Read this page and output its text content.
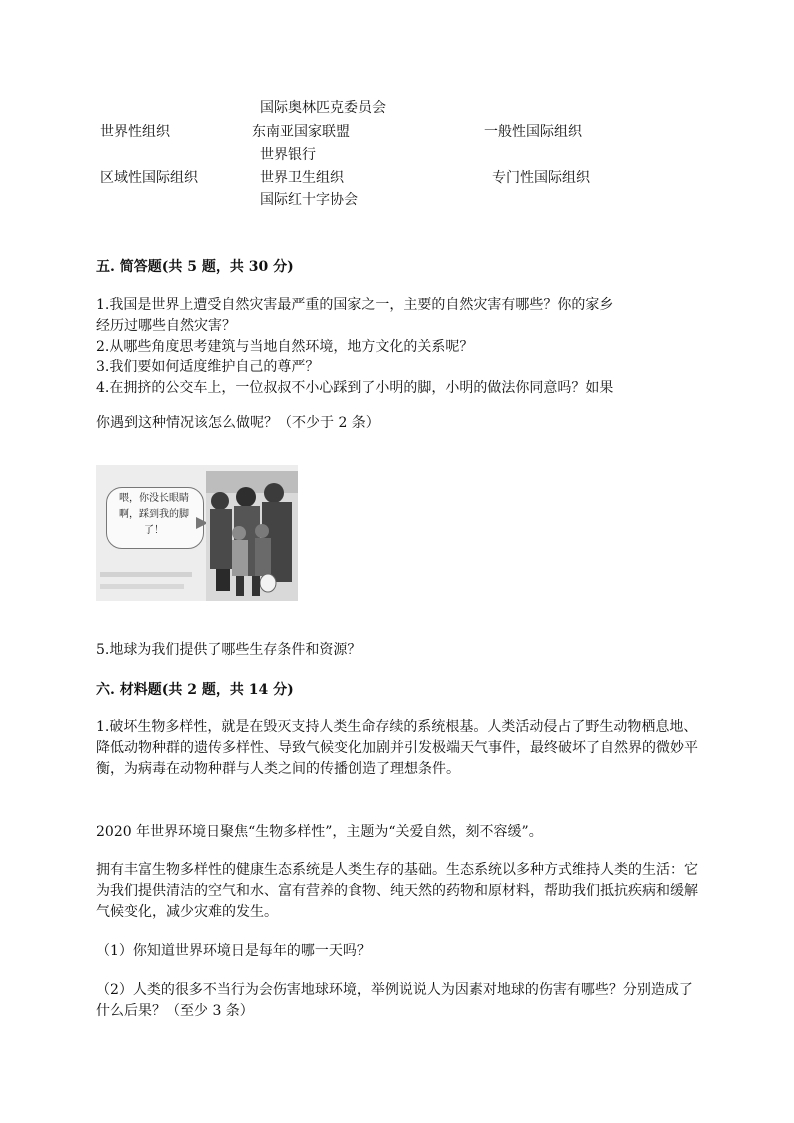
国际奥林匹克委员会
世界性组织	东南亚国家联盟	一般性国际组织
世界银行
区域性国际组织	世界卫生组织	专门性国际组织
国际红十字协会
五. 简答题(共 5 题，共 30 分)
1.我国是世界上遭受自然灾害最严重的国家之一，主要的自然灾害有哪些？你的家乡
经历过哪些自然灾害？
2.从哪些角度思考建筑与当地自然环境，地方文化的关系呢？
3.我们要如何适度维护自己的尊严？
4.在拥挤的公交车上，一位叔叔不小心踩到了小明的脚，小明的做法你同意吗？如果
你遇到这种情况该怎么做呢？（不少于 2 条）
喂，你没长眼睛啊，踩到我的脚了！
5.地球为我们提供了哪些生存条件和资源？
六. 材料题(共 2 题，共 14 分)
1.破坏生物多样性，就是在毁灭支持人类生命存续的系统根基。人类活动侵占了野生动物栖息地、降低动物种群的遗传多样性、导致气候变化加剧并引发极端天气事件，最终破坏了自然界的微妙平衡，为病毒在动物种群与人类之间的传播创造了理想条件。
2020 年世界环境日聚焦“生物多样性”，主题为“关爱自然，刻不容缓”。
拥有丰富生物多样性的健康生态系统是人类生存的基础。生态系统以多种方式维持人类的生活：它为我们提供清洁的空气和水、富有营养的食物、纯天然的药物和原材料，帮助我们抵抗疾病和缓解气候变化，减少灾难的发生。
（1）你知道世界环境日是每年的哪一天吗？
（2）人类的很多不当行为会伤害地球环境，举例说说人为因素对地球的伤害有哪些？分别造成了什么后果？（至少 3 条）
